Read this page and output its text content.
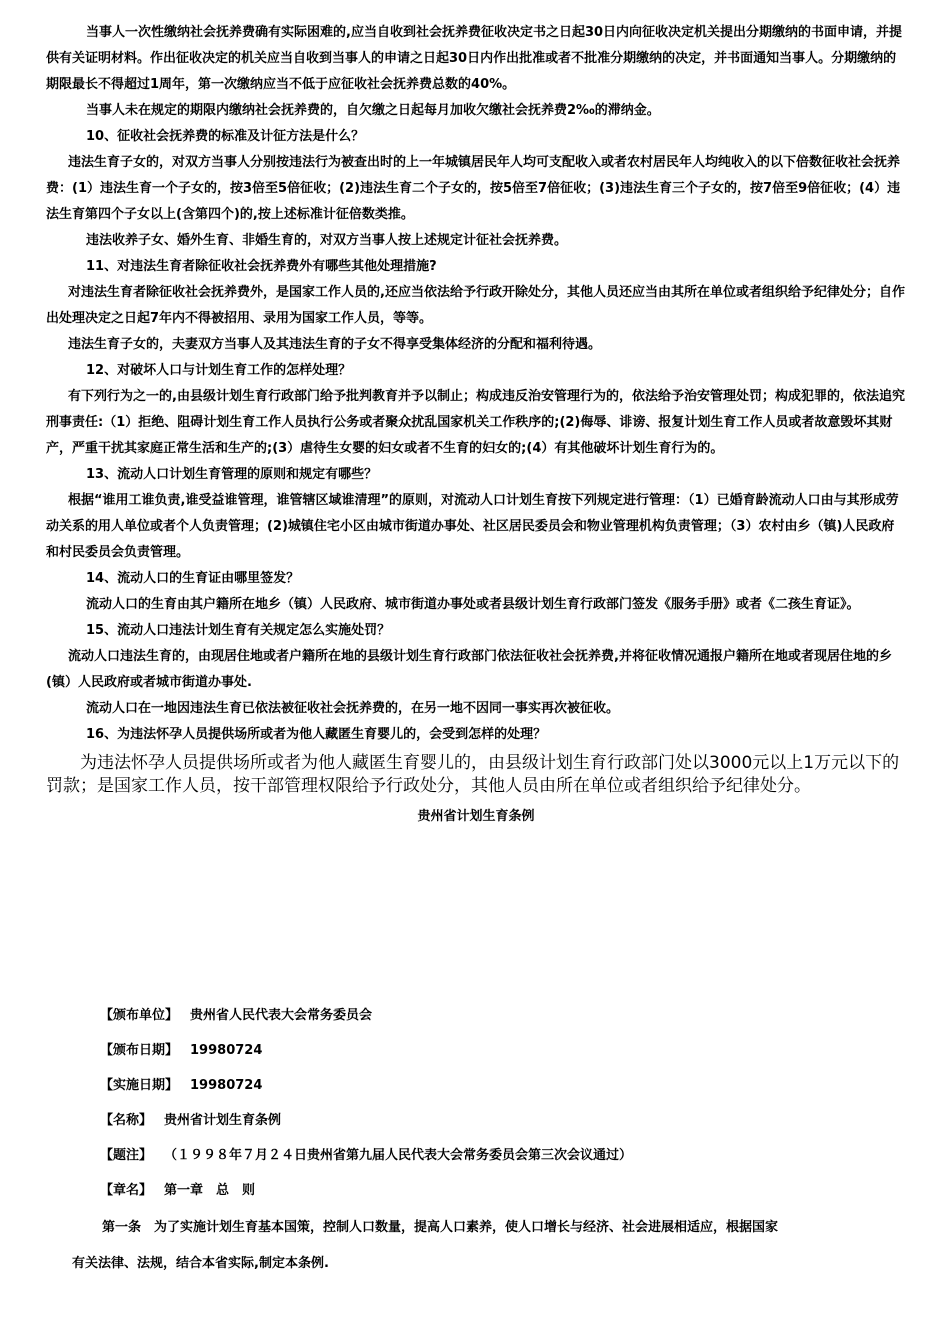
当事人一次性缴纳社会抚养费确有实际困难的,应当自收到社会抚养费征收决定书之日起30日内向征收决定机关提出分期缴纳的书面申请，并提供有关证明材料。作出征收决定的机关应当自收到当事人的申请之日起30日内作出批准或者不批准分期缴纳的决定，并书面通知当事人。分期缴纳的期限最长不得超过1周年，第一次缴纳应当不低于应征收社会抚养费总数的40%。

当事人未在规定的期限内缴纳社会抚养费的，自欠缴之日起每月加收欠缴社会抚养费2‰的滞纳金。

10、征收社会抚养费的标准及计征方法是什么？

违法生育子女的，对双方当事人分别按违法行为被查出时的上一年城镇居民年人均可支配收入或者农村居民年人均纯收入的以下倍数征收社会抚养费：(1）违法生育一个子女的，按3倍至5倍征收；(2)违法生育二个子女的，按5倍至7倍征收；(3)违法生育三个子女的，按7倍至9倍征收；(4）违法生育第四个子女以上(含第四个)的,按上述标准计征倍数类推。

违法收养子女、婚外生育、非婚生育的，对双方当事人按上述规定计征社会抚养费。

11、对违法生育者除征收社会抚养费外有哪些其他处理措施?

对违法生育者除征收社会抚养费外，是国家工作人员的,还应当依法给予行政开除处分，其他人员还应当由其所在单位或者组织给予纪律处分；自作出处理决定之日起7年内不得被招用、录用为国家工作人员，等等。

违法生育子女的，夫妻双方当事人及其违法生育的子女不得享受集体经济的分配和福利待遇。

12、对破坏人口与计划生育工作的怎样处理？

有下列行为之一的,由县级计划生育行政部门给予批判教育并予以制止；构成违反治安管理行为的，依法给予治安管理处罚；构成犯罪的，依法追究刑事责任:（1）拒绝、阻碍计划生育工作人员执行公务或者聚众扰乱国家机关工作秩序的;(2)侮辱、诽谤、报复计划生育工作人员或者故意毁坏其财产，严重干扰其家庭正常生活和生产的;(3）虐待生女婴的妇女或者不生育的妇女的;(4）有其他破坏计划生育行为的。

13、流动人口计划生育管理的原则和规定有哪些？

根据“谁用工谁负责,谁受益谁管理，谁管辖区域谁清理”的原则，对流动人口计划生育按下列规定进行管理：（1）已婚育龄流动人口由与其形成劳动关系的用人单位或者个人负责管理；(2)城镇住宅小区由城市街道办事处、社区居民委员会和物业管理机构负责管理；（3）农村由乡（镇)人民政府和村民委员会负责管理。

14、流动人口的生育证由哪里签发？

流动人口的生育由其户籍所在地乡（镇）人民政府、城市街道办事处或者县级计划生育行政部门签发《服务手册》或者《二孩生育证》。

15、流动人口违法计划生育有关规定怎么实施处罚？

流动人口违法生育的，由现居住地或者户籍所在地的县级计划生育行政部门依法征收社会抚养费,并将征收情况通报户籍所在地或者现居住地的乡(镇）人民政府或者城市街道办事处.

流动人口在一地因违法生育已依法被征收社会抚养费的，在另一地不因同一事实再次被征收。

16、为违法怀孕人员提供场所或者为他人藏匿生育婴儿的，会受到怎样的处理？

为违法怀孕人员提供场所或者为他人藏匿生育婴儿的，由县级计划生育行政部门处以3000元以上1万元以下的罚款；是国家工作人员，按干部管理权限给予行政处分，其他人员由所在单位或者组织给予纪律处分。

贵州省计划生育条例

【颁布单位】 贵州省人民代表大会常务委员会
【颁布日期】 19980724
【实施日期】 19980724
【名称】 贵州省计划生育条例
【题注】 （１９９８年７月２４日贵州省第九届人民代表大会常务委员会第三次会议通过）
【章名】 第一章　总　则
第一条　为了实施计划生育基本国策，控制人口数量，提高人口素养，使人口增长与经济、社会进展相适应，根据国家
有关法律、法规，结合本省实际,制定本条例.
